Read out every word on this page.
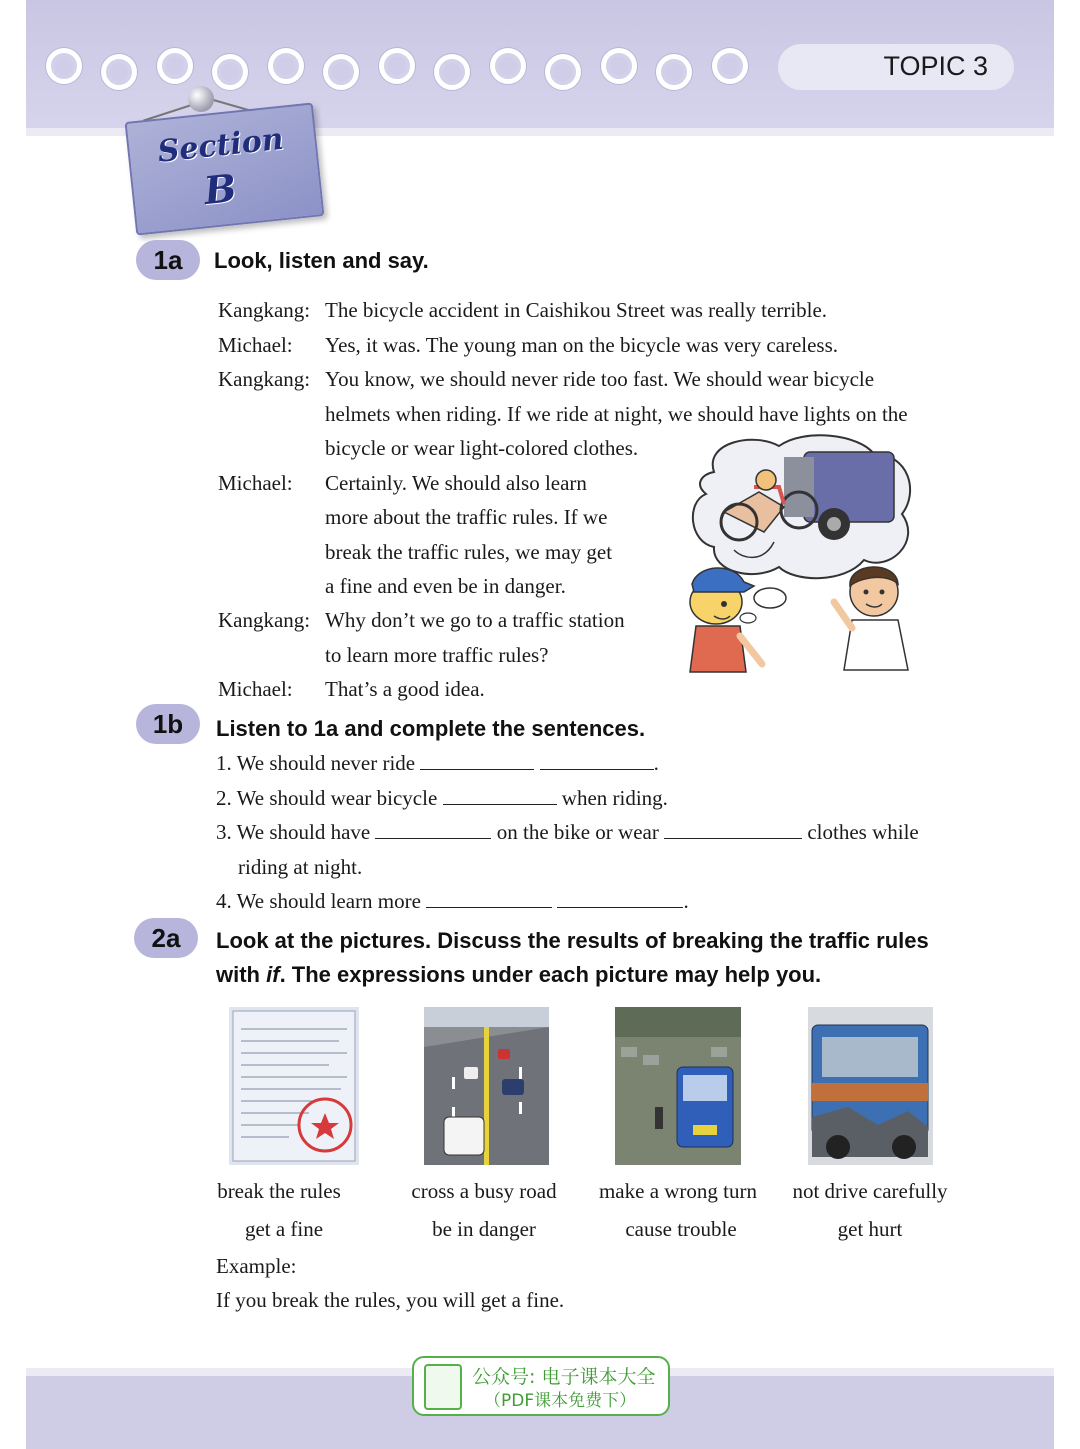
TOPIC 3
Section
B
1a	Look, listen and say.
Kangkang: The bicycle accident in Caishikou Street was really terrible.
Michael: Yes, it was. The young man on the bicycle was very careless.
Kangkang: You know, we should never ride too fast. We should wear bicycle
helmets when riding. If we ride at night, we should have lights on the
bicycle or wear light-colored clothes.
Michael: Certainly. We should also learn
more about the traffic rules. If we
break the traffic rules, we may get
a fine and even be in danger.
Kangkang: Why don’t we go to a traffic station
to learn more traffic rules?
Michael: That’s a good idea.
1b	Listen to 1a and complete the sentences.
1. We should never ride	.
2. We should wear bicycle	when riding.
3. We should have	on the bike or wear	clothes while
riding at night.
4. We should learn more	.
2a	Look at the pictures. Discuss the results of breaking the traffic rules
with if. The expressions under each picture may help you.
break the rules
get a fine
cross a busy road
be in danger
make a wrong turn
cause trouble
not drive carefully
get hurt
Example:
If you break the rules, you will get a fine.
公众号: 电子课本大全
（PDF课本免费下）
